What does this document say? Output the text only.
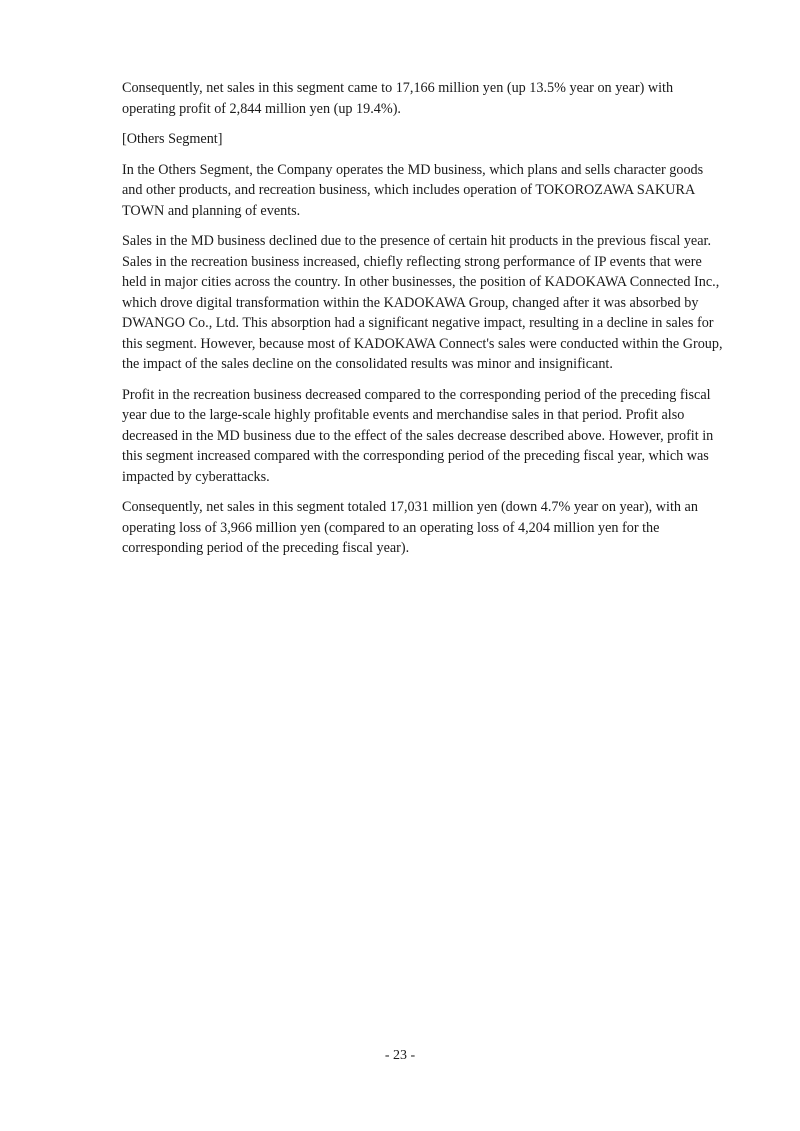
Consequently, net sales in this segment came to 17,166 million yen (up 13.5% year on year) with operating profit of 2,844 million yen (up 19.4%).

[Others Segment]

In the Others Segment, the Company operates the MD business, which plans and sells character goods and other products, and recreation business, which includes operation of TOKOROZAWA SAKURA TOWN and planning of events.

Sales in the MD business declined due to the presence of certain hit products in the previous fiscal year. Sales in the recreation business increased, chiefly reflecting strong performance of IP events that were held in major cities across the country. In other businesses, the position of KADOKAWA Connected Inc., which drove digital transformation within the KADOKAWA Group, changed after it was absorbed by DWANGO Co., Ltd. This absorption had a significant negative impact, resulting in a decline in sales for this segment. However, because most of KADOKAWA Connect's sales were conducted within the Group, the impact of the sales decline on the consolidated results was minor and insignificant.

Profit in the recreation business decreased compared to the corresponding period of the preceding fiscal year due to the large-scale highly profitable events and merchandise sales in that period. Profit also decreased in the MD business due to the effect of the sales decrease described above. However, profit in this segment increased compared with the corresponding period of the preceding fiscal year, which was impacted by cyberattacks.

Consequently, net sales in this segment totaled 17,031 million yen (down 4.7% year on year), with an operating loss of 3,966 million yen (compared to an operating loss of 4,204 million yen for the corresponding period of the preceding fiscal year).

- 23 -
